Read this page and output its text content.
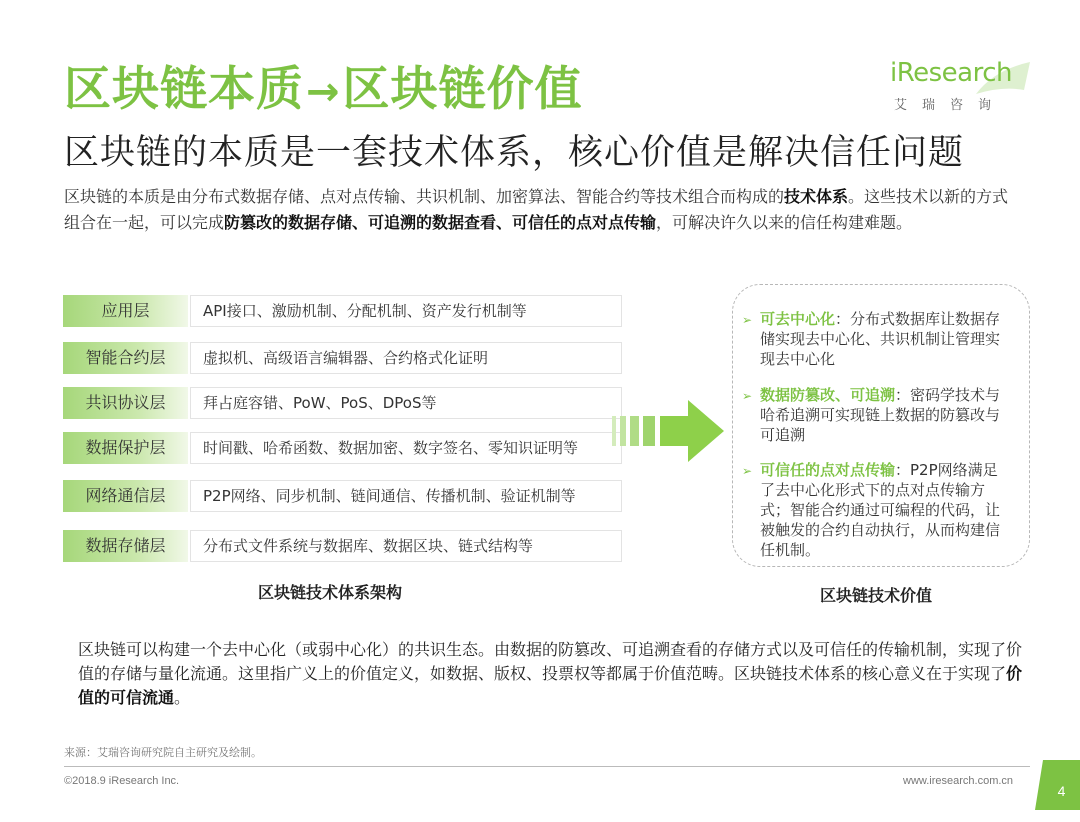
区块链本质→区块链价值
区块链的本质是一套技术体系，核心价值是解决信任问题
iResearch
艾瑞咨询
区块链的本质是由分布式数据存储、点对点传输、共识机制、加密算法、智能合约等技术组合而构成的技术体系。这些技术以新的方式组合在一起，可以完成防篡改的数据存储、可追溯的数据查看、可信任的点对点传输，可解决许久以来的信任构建难题。
应用层	API接口、激励机制、分配机制、资产发行机制等
智能合约层	虚拟机、高级语言编辑器、合约格式化证明
共识协议层	拜占庭容错、PoW、PoS、DPoS等
数据保护层	时间戳、哈希函数、数据加密、数字签名、零知识证明等
网络通信层	P2P网络、同步机制、链间通信、传播机制、验证机制等
数据存储层	分布式文件系统与数据库、数据区块、链式结构等
区块链技术体系架构
➢ 可去中心化：分布式数据库让数据存储实现去中心化、共识机制让管理实现去中心化
➢ 数据防篡改、可追溯：密码学技术与哈希追溯可实现链上数据的防篡改与可追溯
➢ 可信任的点对点传输：P2P网络满足了去中心化形式下的点对点传输方式；智能合约通过可编程的代码，让被触发的合约自动执行，从而构建信任机制。
区块链技术价值
区块链可以构建一个去中心化（或弱中心化）的共识生态。由数据的防篡改、可追溯查看的存储方式以及可信任的传输机制，实现了价值的存储与量化流通。这里指广义上的价值定义，如数据、版权、投票权等都属于价值范畴。区块链技术体系的核心意义在于实现了价值的可信流通。
来源：艾瑞咨询研究院自主研究及绘制。
©2018.9 iResearch Inc.	www.iresearch.com.cn
4
